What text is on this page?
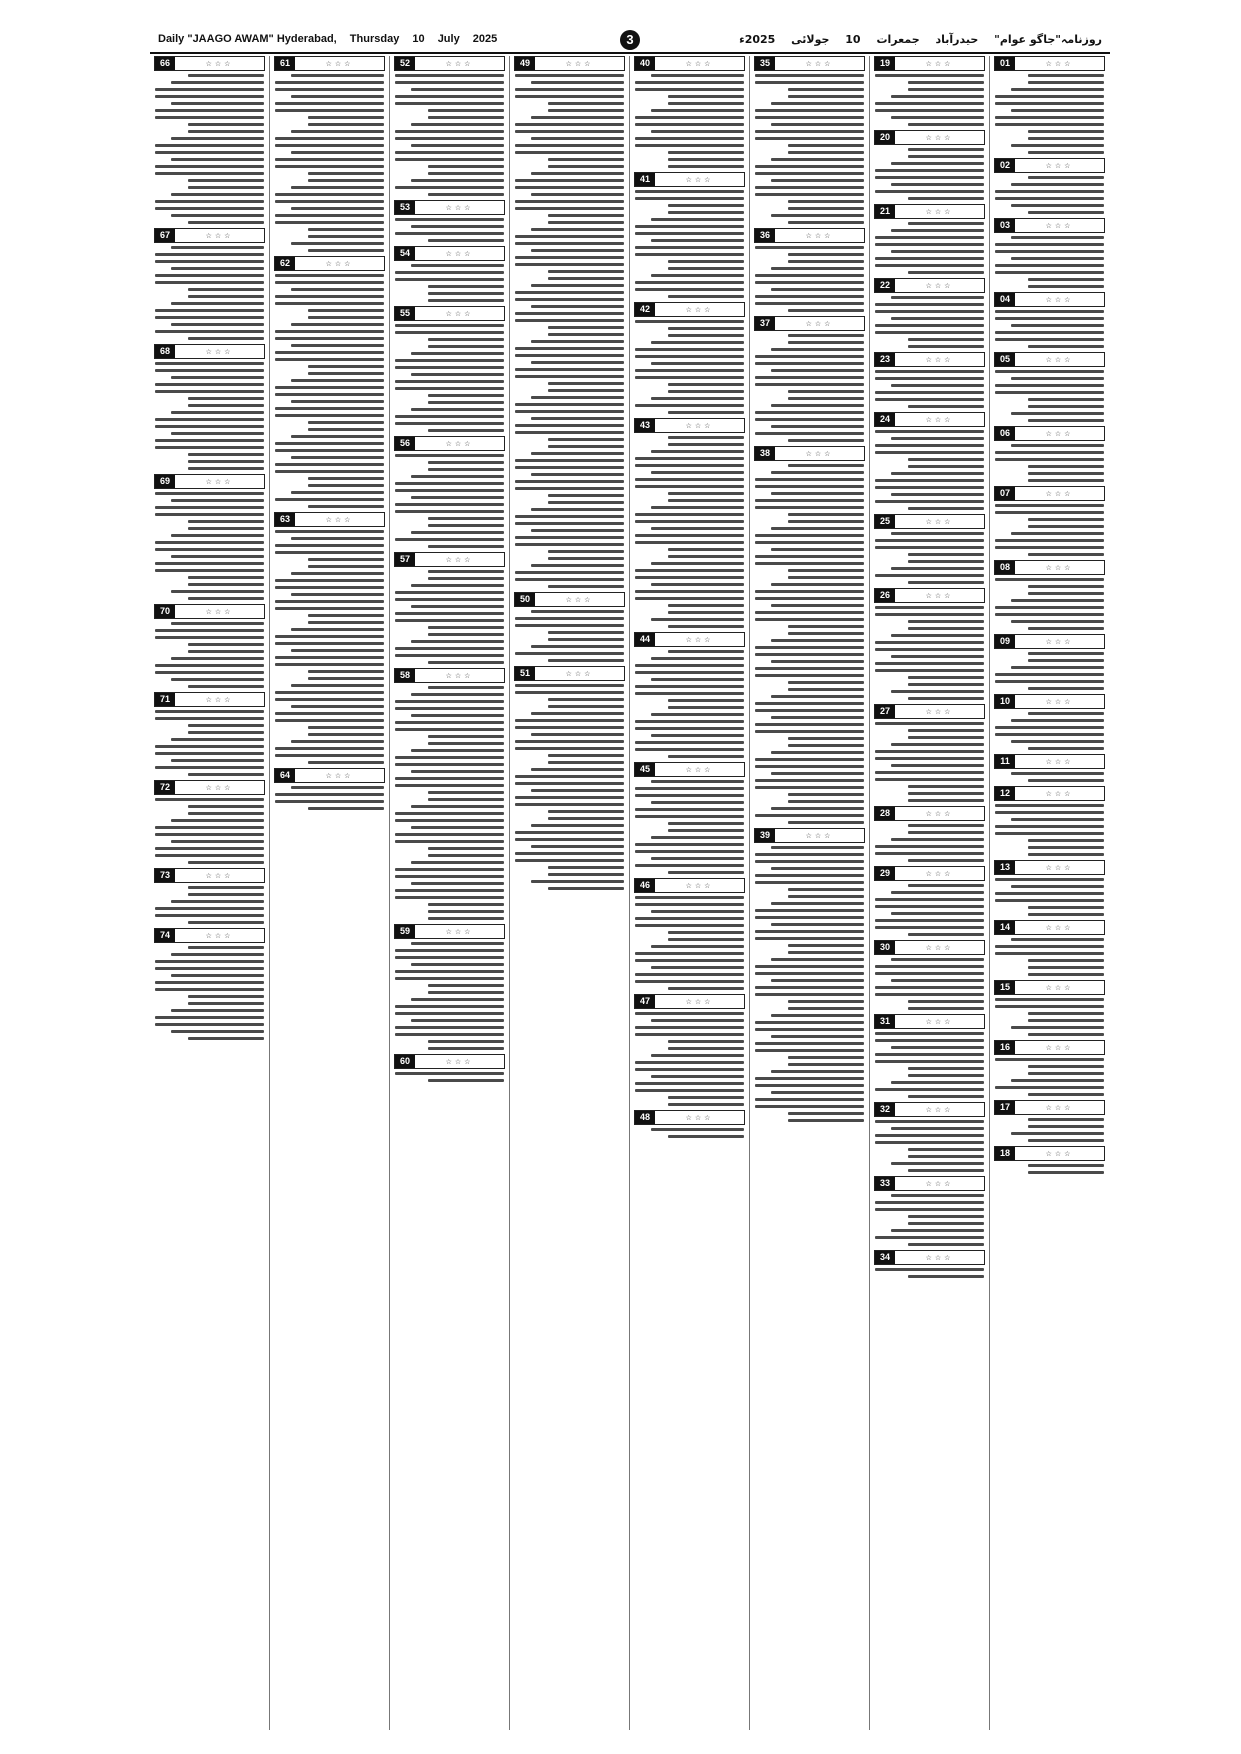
Daily "JAAGO AWAM" Hyderabad, Thursday 10 July 2025	3	روزنامہ"جاگو عوام" حیدرآباد جمعرات 10 جولائی 2025ء
66	☆☆☆
67	☆☆☆
68	☆☆☆
69	☆☆☆
70	☆☆☆
71	☆☆☆
72	☆☆☆
73	☆☆☆
74	☆☆☆
61	☆☆☆
62	☆☆☆
63	☆☆☆
64	☆☆☆
52	☆☆☆
53	☆☆☆
54	☆☆☆
55	☆☆☆
56	☆☆☆
57	☆☆☆
58	☆☆☆
59	☆☆☆
60	☆☆☆
49	☆☆☆
50	☆☆☆
51	☆☆☆
40	☆☆☆
41	☆☆☆
42	☆☆☆
43	☆☆☆
44	☆☆☆
45	☆☆☆
46	☆☆☆
47	☆☆☆
48	☆☆☆
35	☆☆☆
36	☆☆☆
37	☆☆☆
38	☆☆☆
39	☆☆☆
19	☆☆☆
20	☆☆☆
21	☆☆☆
22	☆☆☆
23	☆☆☆
24	☆☆☆
25	☆☆☆
26	☆☆☆
27	☆☆☆
28	☆☆☆
29	☆☆☆
30	☆☆☆
31	☆☆☆
32	☆☆☆
33	☆☆☆
34	☆☆☆
01	☆☆☆
02	☆☆☆
03	☆☆☆
04	☆☆☆
05	☆☆☆
06	☆☆☆
07	☆☆☆
08	☆☆☆
09	☆☆☆
10	☆☆☆
11	☆☆☆
12	☆☆☆
13	☆☆☆
14	☆☆☆
15	☆☆☆
16	☆☆☆
17	☆☆☆
18	☆☆☆
